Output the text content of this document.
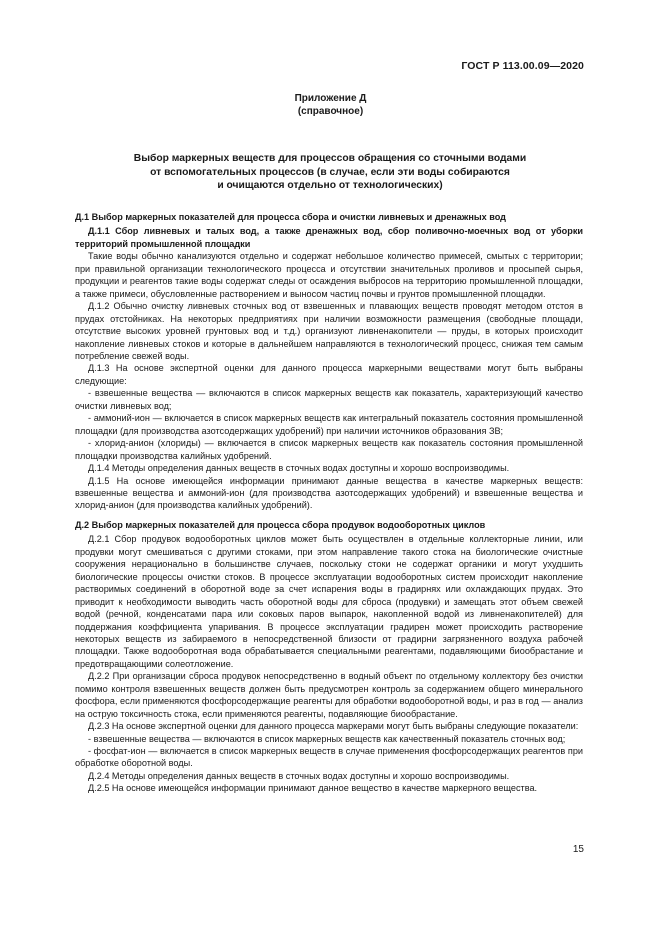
ГОСТ Р 113.00.09—2020
Приложение Д
(справочное)
Выбор маркерных веществ для процессов обращения со сточными водами
от вспомогательных процессов (в случае, если эти воды собираются
и очищаются отдельно от технологических)

Д.1 Выбор маркерных показателей для процесса сбора и очистки ливневых и дренажных вод

Д.1.1 Сбор ливневых и талых вод, а также дренажных вод, сбор поливочно-моечных вод от уборки территорий промышленной площадки

Такие воды обычно канализуются отдельно и содержат небольшое количество примесей, смытых с территории; при правильной организации технологического процесса и отсутствии значительных проливов и просыпей сырья, продукции и реагентов такие воды содержат следы от осаждения выбросов на территорию промышленной площадки, а также примеси, обусловленные растворением и выносом частиц почвы и грунтов промышленной площадки.

Д.1.2 Обычно очистку ливневых сточных вод от взвешенных и плавающих веществ проводят методом отстоя в прудах отстойниках. На некоторых предприятиях при наличии возможности размещения (свободные площади, отсутствие высоких уровней грунтовых вод и т.д.) организуют ливненакопители — пруды, в которых происходит накопление ливневых стоков и которые в дальнейшем направляются в технологический процесс, снижая тем самым потребление свежей воды.

Д.1.3 На основе экспертной оценки для данного процесса маркерными веществами могут быть выбраны следующие:

- взвешенные вещества — включаются в список маркерных веществ как показатель, характеризующий качество очистки ливневых вод;

- аммоний-ион — включается в список маркерных веществ как интегральный показатель состояния промышленной площадки (для производства азотсодержащих удобрений) при наличии источников образования ЗВ;

- хлорид-анион (хлориды) — включается в список маркерных веществ как показатель состояния промышленной площадки производства калийных удобрений.

Д.1.4 Методы определения данных веществ в сточных водах доступны и хорошо воспроизводимы.

Д.1.5 На основе имеющейся информации принимают данные вещества в качестве маркерных веществ: взвешенные вещества и аммоний-ион (для производства азотсодержащих удобрений) и взвешенные вещества и хлорид-анион (для производства калийных удобрений).

Д.2 Выбор маркерных показателей для процесса сбора продувок водооборотных циклов

Д.2.1 Сбор продувок водооборотных циклов может быть осуществлен в отдельные коллекторные линии, или продувки могут смешиваться с другими стоками, при этом направление такого стока на биологические очистные сооружения нерационально в большинстве случаев, поскольку стоки не содержат органики и могут ухудшить биологические процессы очистки стоков. В процессе эксплуатации водооборотных систем происходит накопление растворимых соединений в оборотной воде за счет испарения воды в градирнях или охлаждающих прудах. Это приводит к необходимости выводить часть оборотной воды для сброса (продувки) и замещать этот объем свежей водой (речной, конденсатами пара или соковых паров выпарок, накопленной водой из ливненакопителей) для поддержания коэффициента упаривания. В процессе эксплуатации градирен может происходить растворение некоторых веществ из забираемого в непосредственной близости от градирни загрязненного воздуха рабочей площадки. Также водооборотная вода обрабатывается специальными реагентами, подавляющими биообрастание и предотвращающими солеотложение.

Д.2.2 При организации сброса продувок непосредственно в водный объект по отдельному коллектору без очистки помимо контроля взвешенных веществ должен быть предусмотрен контроль за содержанием общего минерального фосфора, если применяются фосфорсодержащие реагенты для обработки водооборотной воды, и раз в год — анализ на острую токсичность стока, если применяются реагенты, подавляющие биообрастание.

Д.2.3 На основе экспертной оценки для данного процесса маркерами могут быть выбраны следующие показатели:

- взвешенные вещества — включаются в список маркерных веществ как качественный показатель сточных вод;

- фосфат-ион — включается в список маркерных веществ в случае применения фосфорсодержащих реагентов при обработке оборотной воды.

Д.2.4 Методы определения данных веществ в сточных водах доступны и хорошо воспроизводимы.

Д.2.5 На основе имеющейся информации принимают данное вещество в качестве маркерного вещества.

15
